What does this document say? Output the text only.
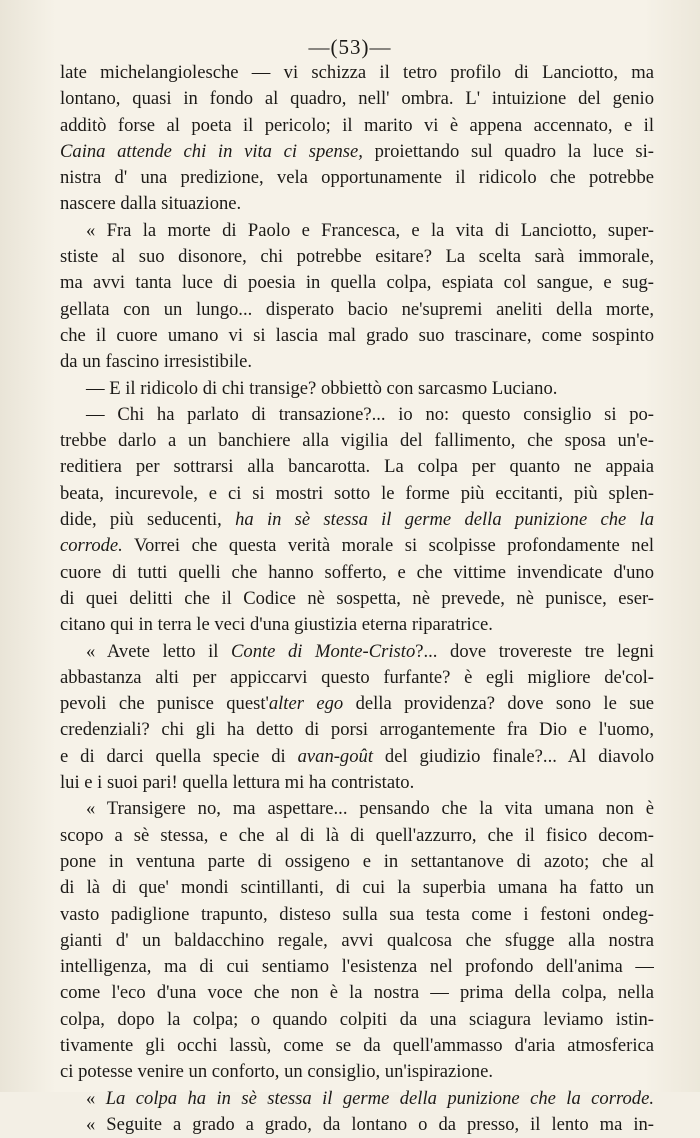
—(53)—
late michelangiolesche — vi schizza il tetro profilo di Lanciotto, ma
lontano, quasi in fondo al quadro, nell' ombra. L' intuizione del genio
additò forse al poeta il pericolo; il marito vi è appena accennato, e il
Caina attende chi in vita ci spense, proiettando sul quadro la luce si-
nistra d' una predizione, vela opportunamente il ridicolo che potrebbe
nascere dalla situazione.
« Fra la morte di Paolo e Francesca, e la vita di Lanciotto, super-
stiste al suo disonore, chi potrebbe esitare? La scelta sarà immorale,
ma avvi tanta luce di poesia in quella colpa, espiata col sangue, e sug-
gellata con un lungo... disperato bacio ne'supremi aneliti della morte,
che il cuore umano vi si lascia mal grado suo trascinare, come sospinto
da un fascino irresistibile.
— E il ridicolo di chi transige? obbiettò con sarcasmo Luciano.
— Chi ha parlato di transazione?... io no: questo consiglio si po-
trebbe darlo a un banchiere alla vigilia del fallimento, che sposa un'e-
reditiera per sottrarsi alla bancarotta. La colpa per quanto ne appaia
beata, incurevole, e ci si mostri sotto le forme più eccitanti, più splen-
dide, più seducenti, ha in sè stessa il germe della punizione che la
corrode. Vorrei che questa verità morale si scolpisse profondamente nel
cuore di tutti quelli che hanno sofferto, e che vittime invendicate d'uno
di quei delitti che il Codice nè sospetta, nè prevede, nè punisce, eser-
citano qui in terra le veci d'una giustizia eterna riparatrice.
« Avete letto il Conte di Monte-Cristo?... dove trovereste tre legni
abbastanza alti per appiccarvi questo furfante? è egli migliore de'col-
pevoli che punisce quest'alter ego della providenza? dove sono le sue
credenziali? chi gli ha detto di porsi arrogantemente fra Dio e l'uomo,
e di darci quella specie di avan-goût del giudizio finale?... Al diavolo
lui e i suoi pari! quella lettura mi ha contristato.
« Transigere no, ma aspettare... pensando che la vita umana non è
scopo a sè stessa, e che al di là di quell'azzurro, che il fisico decom-
pone in ventuna parte di ossigeno e in settantanove di azoto; che al
di là di que' mondi scintillanti, di cui la superbia umana ha fatto un
vasto padiglione trapunto, disteso sulla sua testa come i festoni ondeg-
gianti d' un baldacchino regale, avvi qualcosa che sfugge alla nostra
intelligenza, ma di cui sentiamo l'esistenza nel profondo dell'anima —
come l'eco d'una voce che non è la nostra — prima della colpa, nella
colpa, dopo la colpa; o quando colpiti da una sciagura leviamo istin-
tivamente gli occhi lassù, come se da quell'ammasso d'aria atmosferica
ci potesse venire un conforto, un consiglio, un'ispirazione.
« La colpa ha in sè stessa il germe della punizione che la corrode.
« Seguite a grado a grado, da lontano o da presso, il lento ma in-
